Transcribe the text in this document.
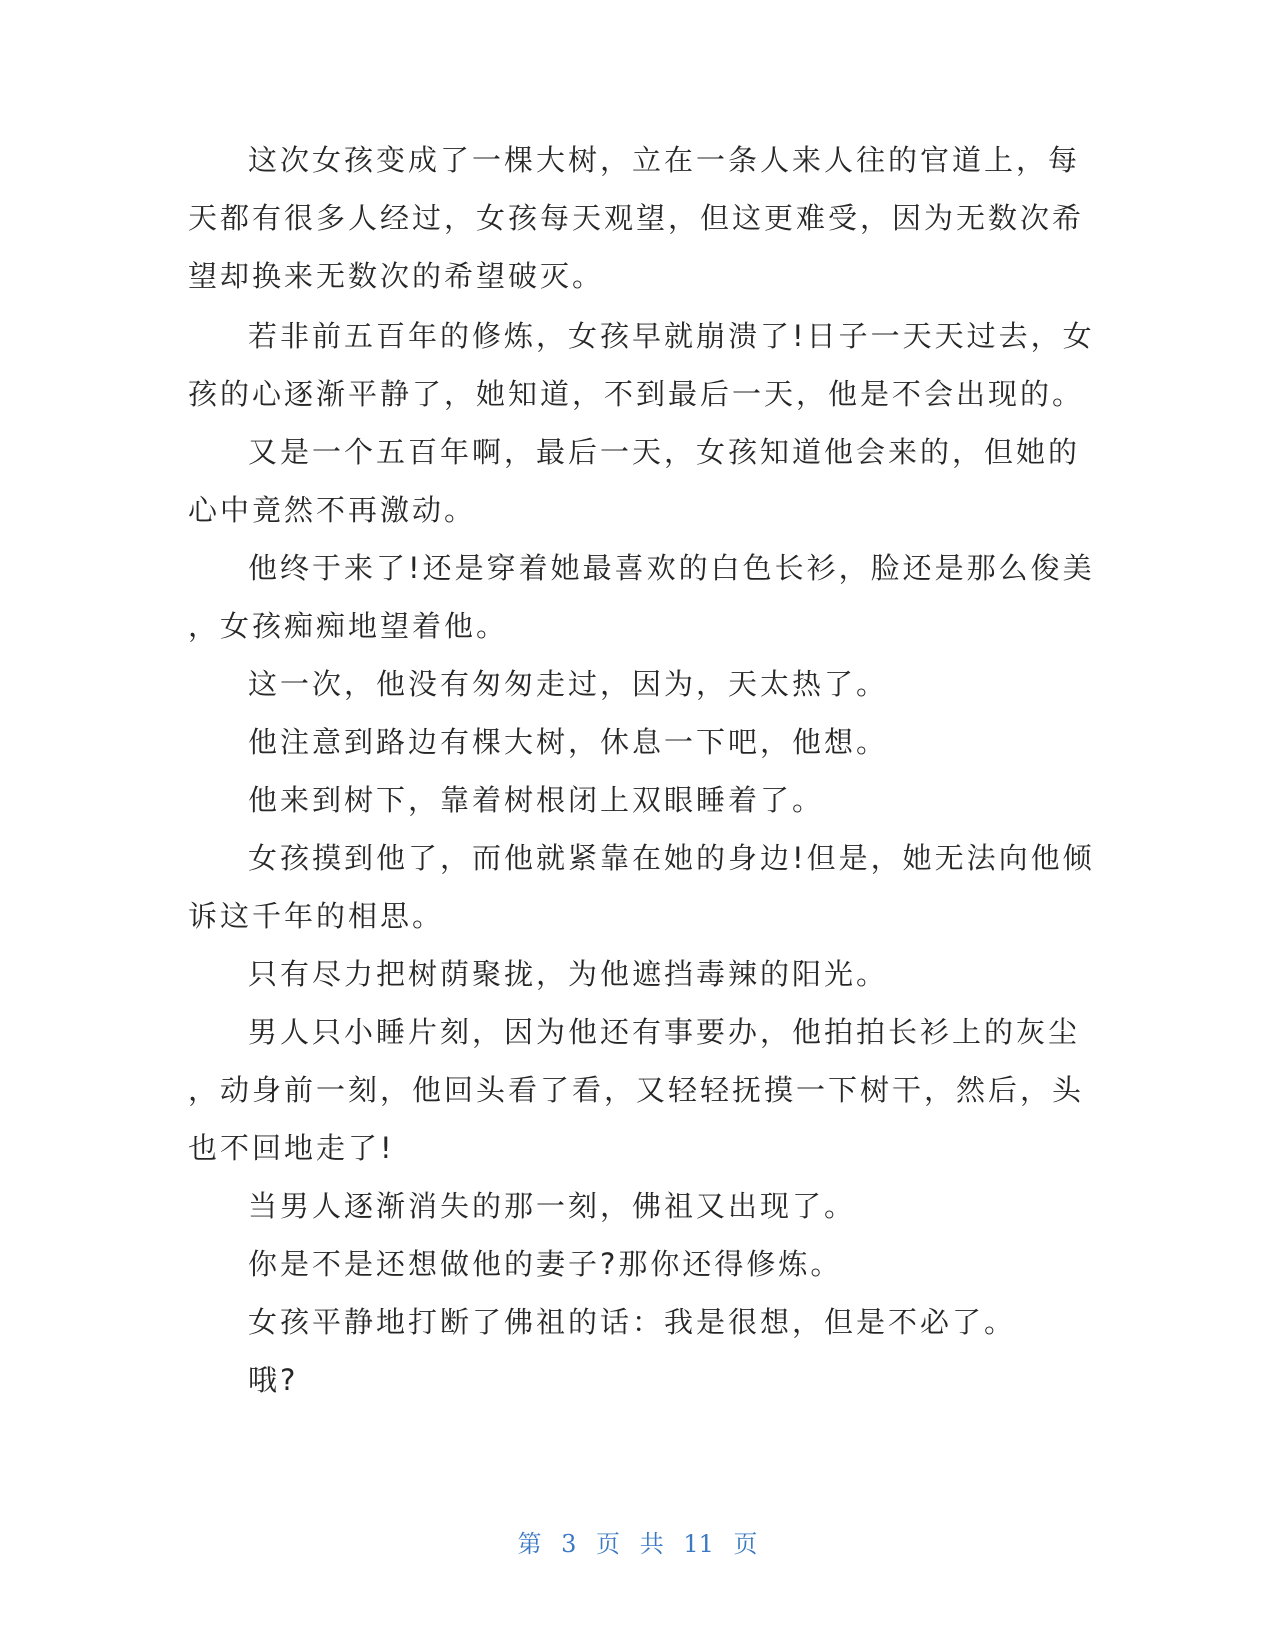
这次女孩变成了一棵大树，立在一条人来人往的官道上，每
天都有很多人经过，女孩每天观望，但这更难受，因为无数次希
望却换来无数次的希望破灭。
若非前五百年的修炼，女孩早就崩溃了!日子一天天过去，女
孩的心逐渐平静了，她知道，不到最后一天，他是不会出现的。
又是一个五百年啊，最后一天，女孩知道他会来的，但她的
心中竟然不再激动。
他终于来了!还是穿着她最喜欢的白色长衫，脸还是那么俊美
，女孩痴痴地望着他。
这一次，他没有匆匆走过，因为，天太热了。
他注意到路边有棵大树，休息一下吧，他想。
他来到树下，靠着树根闭上双眼睡着了。
女孩摸到他了，而他就紧靠在她的身边!但是，她无法向他倾
诉这千年的相思。
只有尽力把树荫聚拢，为他遮挡毒辣的阳光。
男人只小睡片刻，因为他还有事要办，他拍拍长衫上的灰尘
，动身前一刻，他回头看了看，又轻轻抚摸一下树干，然后，头
也不回地走了!
当男人逐渐消失的那一刻，佛祖又出现了。
你是不是还想做他的妻子?那你还得修炼。
女孩平静地打断了佛祖的话：我是很想，但是不必了。
哦?
第 3 页 共 11 页
